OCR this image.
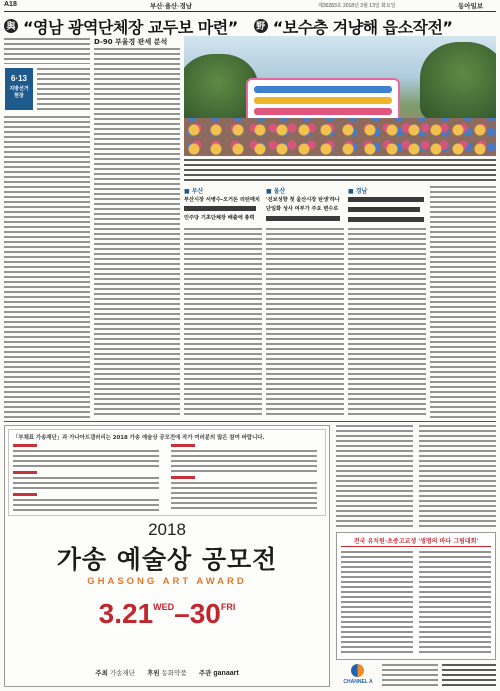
A18	부산·울산·경남	제30283호 2018년 3월 13일 화요일	동아일보
與 “영남 광역단체장 교두보 마련” 野 “보수층 겨냥해 읍소작전”
6·13
지방선거 현장
D-90 부울경 판세 분석
■ 부산
부산시장 서병수-오거돈 리턴매치
민주당 기초단체장 배출에 총력
■ 울산
'진보성향 첫 울산시장 탄생'하나
단일화 성사 여부가 주요 변수로
■ 경남
「부채표 가송재단」과 가나아트갤러리는 2018 가송 예술상 공모전에 작가 여러분의 많은 참여 바랍니다.
2018
가송 예술상 공모전
GHASONG ART AWARD
$3.21^{WED}-30^{FRI}$
주최 가송재단 후원 동화약품 주관 ganaart
전국 유치원·초중고교생 '생명의 바다 그림대회'
CHANNEL A
